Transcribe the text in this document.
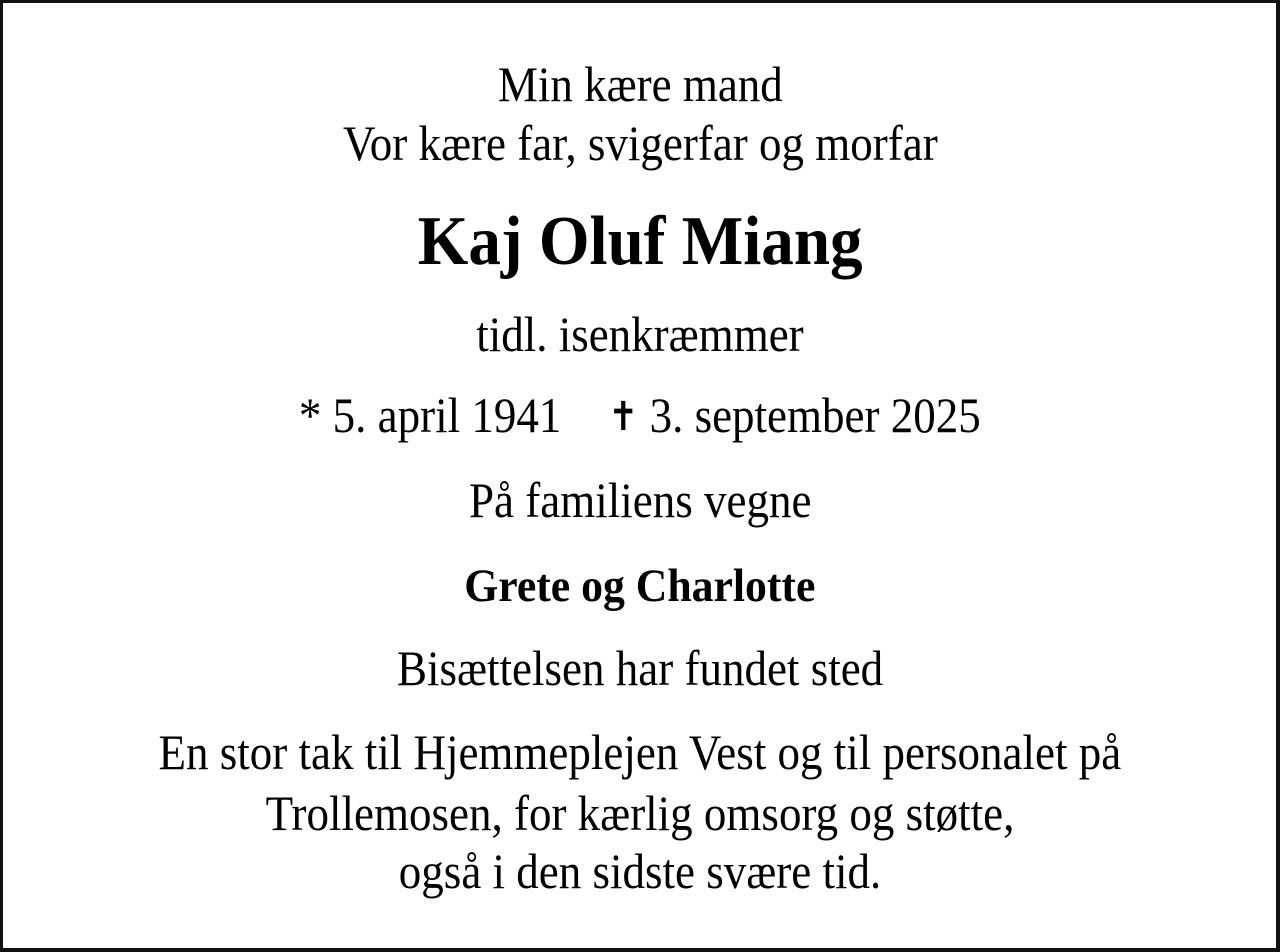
Min kære mand
Vor kære far, svigerfar og morfar
Kaj Oluf Miang
tidl. isenkræmmer
* 5. april 1941 ✝ 3. september 2025
På familiens vegne
Grete og Charlotte
Bisættelsen har fundet sted
En stor tak til Hjemmeplejen Vest og til personalet på
Trollemosen, for kærlig omsorg og støtte,
også i den sidste svære tid.
